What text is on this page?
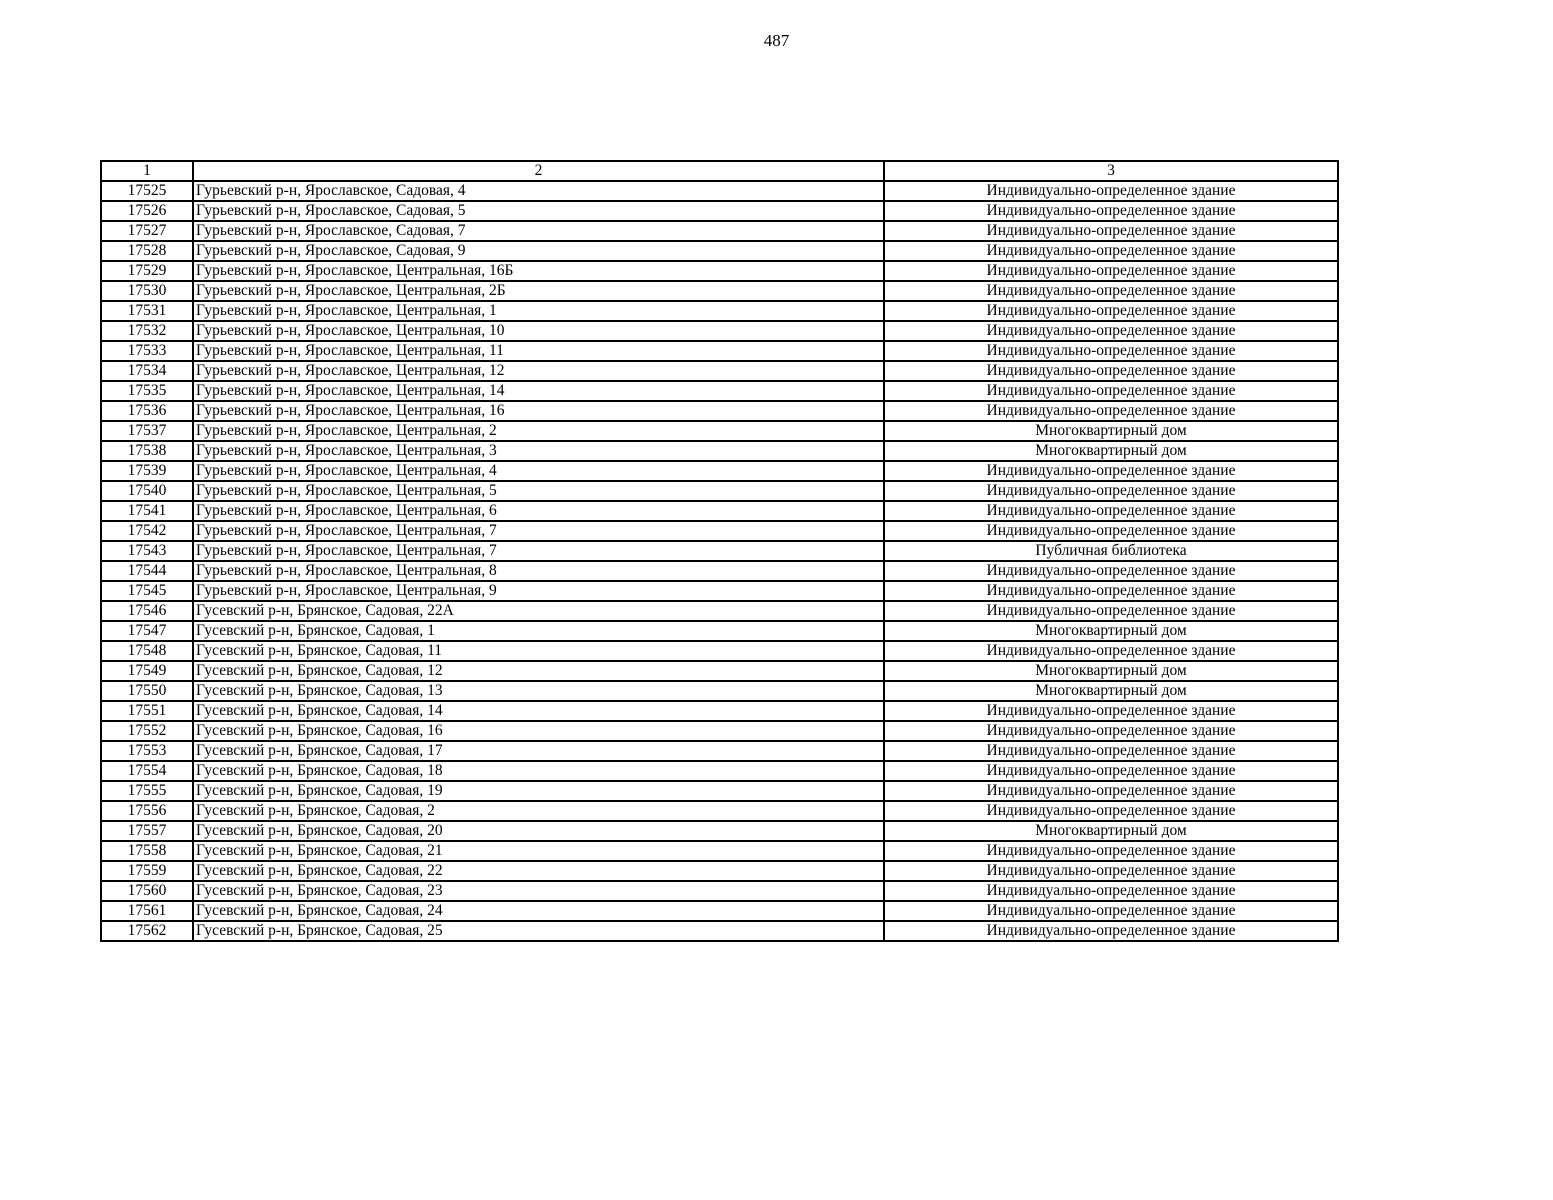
487
1	2	3
17525	Гурьевский р-н, Ярославское, Садовая, 4	Индивидуально-определенное здание
17526	Гурьевский р-н, Ярославское, Садовая, 5	Индивидуально-определенное здание
17527	Гурьевский р-н, Ярославское, Садовая, 7	Индивидуально-определенное здание
17528	Гурьевский р-н, Ярославское, Садовая, 9	Индивидуально-определенное здание
17529	Гурьевский р-н, Ярославское, Центральная, 16Б	Индивидуально-определенное здание
17530	Гурьевский р-н, Ярославское, Центральная, 2Б	Индивидуально-определенное здание
17531	Гурьевский р-н, Ярославское, Центральная, 1	Индивидуально-определенное здание
17532	Гурьевский р-н, Ярославское, Центральная, 10	Индивидуально-определенное здание
17533	Гурьевский р-н, Ярославское, Центральная, 11	Индивидуально-определенное здание
17534	Гурьевский р-н, Ярославское, Центральная, 12	Индивидуально-определенное здание
17535	Гурьевский р-н, Ярославское, Центральная, 14	Индивидуально-определенное здание
17536	Гурьевский р-н, Ярославское, Центральная, 16	Индивидуально-определенное здание
17537	Гурьевский р-н, Ярославское, Центральная, 2	Многоквартирный дом
17538	Гурьевский р-н, Ярославское, Центральная, 3	Многоквартирный дом
17539	Гурьевский р-н, Ярославское, Центральная, 4	Индивидуально-определенное здание
17540	Гурьевский р-н, Ярославское, Центральная, 5	Индивидуально-определенное здание
17541	Гурьевский р-н, Ярославское, Центральная, 6	Индивидуально-определенное здание
17542	Гурьевский р-н, Ярославское, Центральная, 7	Индивидуально-определенное здание
17543	Гурьевский р-н, Ярославское, Центральная, 7	Публичная библиотека
17544	Гурьевский р-н, Ярославское, Центральная, 8	Индивидуально-определенное здание
17545	Гурьевский р-н, Ярославское, Центральная, 9	Индивидуально-определенное здание
17546	Гусевский р-н, Брянское, Садовая, 22А	Индивидуально-определенное здание
17547	Гусевский р-н, Брянское, Садовая, 1	Многоквартирный дом
17548	Гусевский р-н, Брянское, Садовая, 11	Индивидуально-определенное здание
17549	Гусевский р-н, Брянское, Садовая, 12	Многоквартирный дом
17550	Гусевский р-н, Брянское, Садовая, 13	Многоквартирный дом
17551	Гусевский р-н, Брянское, Садовая, 14	Индивидуально-определенное здание
17552	Гусевский р-н, Брянское, Садовая, 16	Индивидуально-определенное здание
17553	Гусевский р-н, Брянское, Садовая, 17	Индивидуально-определенное здание
17554	Гусевский р-н, Брянское, Садовая, 18	Индивидуально-определенное здание
17555	Гусевский р-н, Брянское, Садовая, 19	Индивидуально-определенное здание
17556	Гусевский р-н, Брянское, Садовая, 2	Индивидуально-определенное здание
17557	Гусевский р-н, Брянское, Садовая, 20	Многоквартирный дом
17558	Гусевский р-н, Брянское, Садовая, 21	Индивидуально-определенное здание
17559	Гусевский р-н, Брянское, Садовая, 22	Индивидуально-определенное здание
17560	Гусевский р-н, Брянское, Садовая, 23	Индивидуально-определенное здание
17561	Гусевский р-н, Брянское, Садовая, 24	Индивидуально-определенное здание
17562	Гусевский р-н, Брянское, Садовая, 25	Индивидуально-определенное здание
